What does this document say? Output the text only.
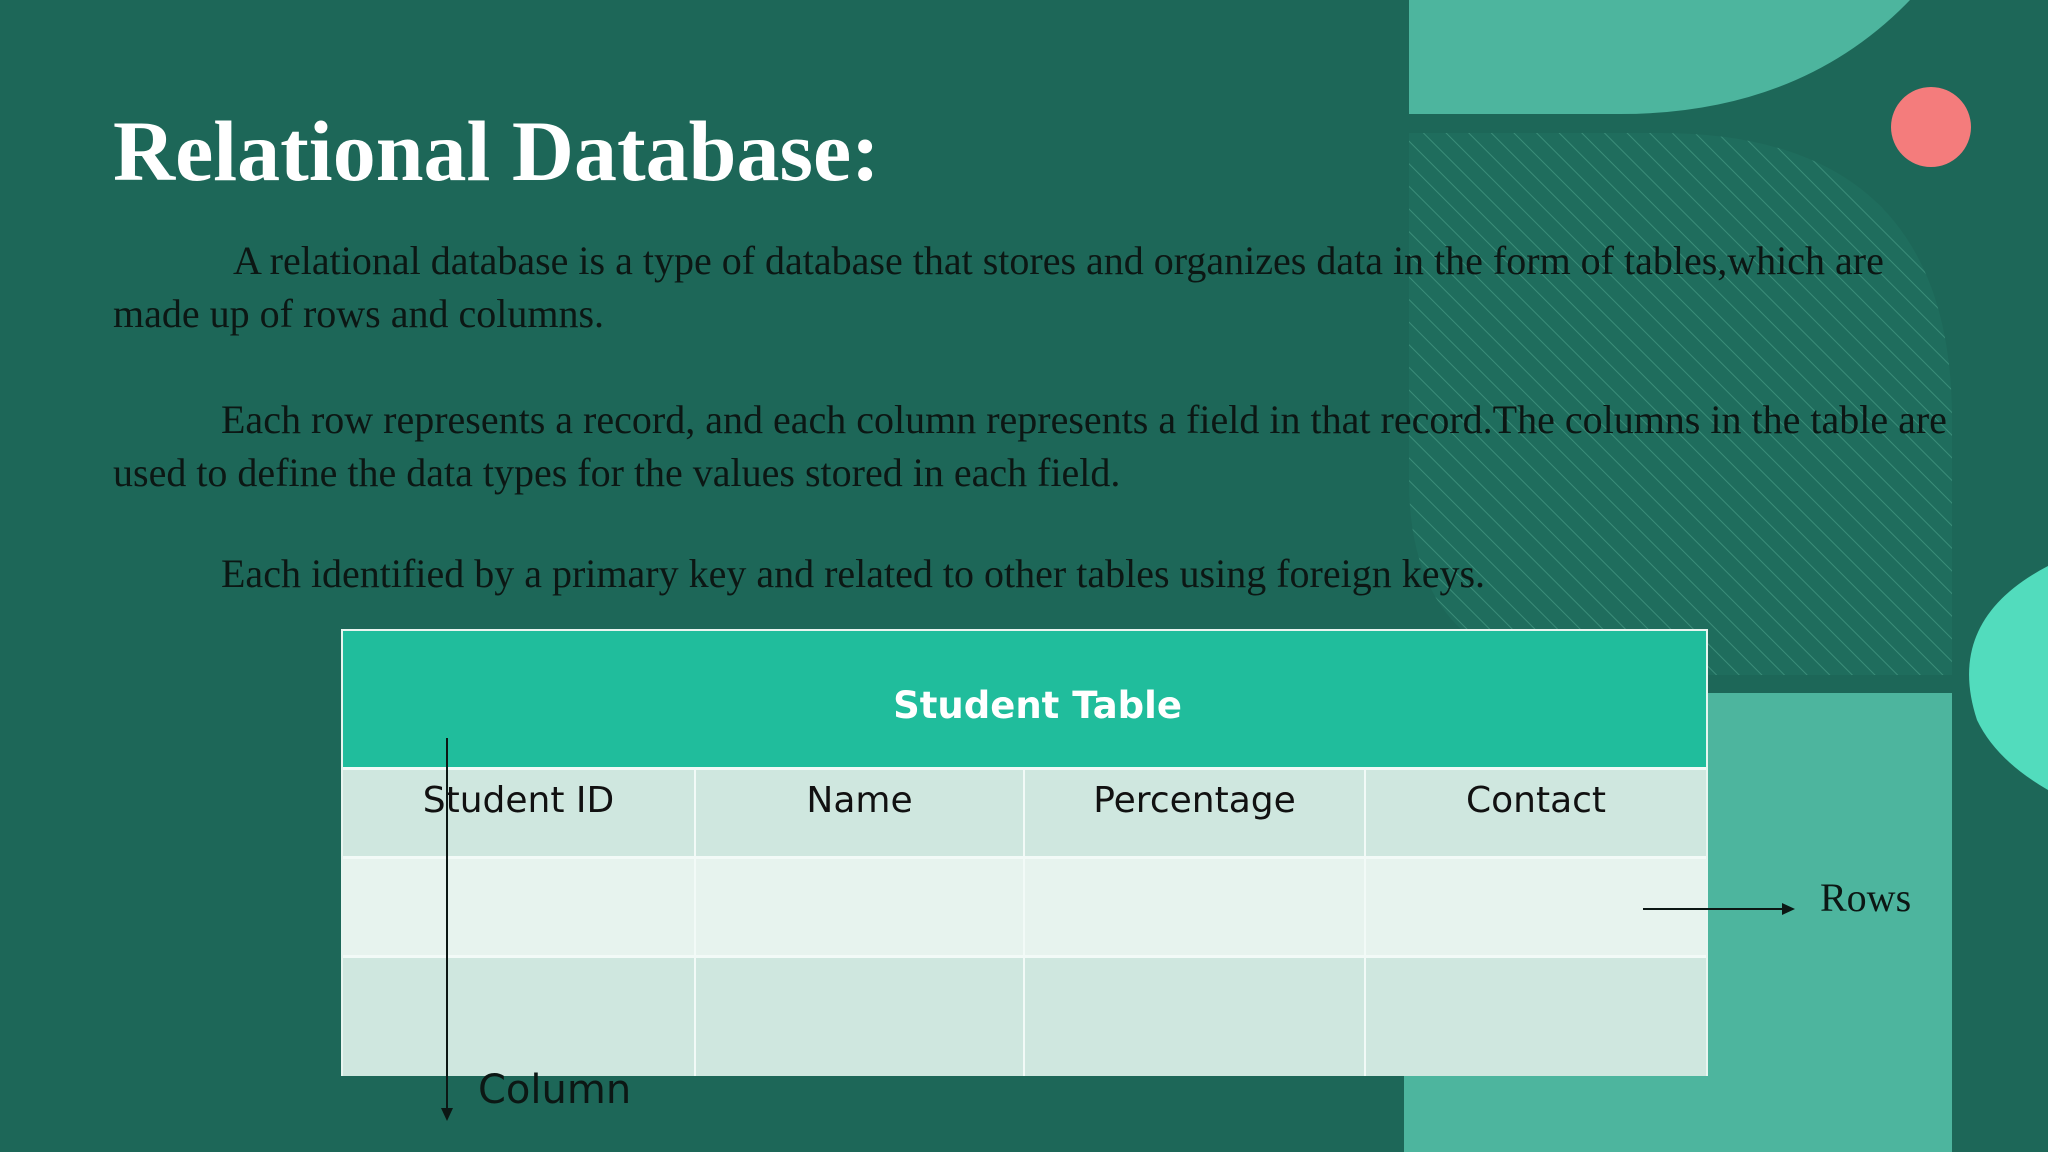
Relational Database:
A relational database is a type of database that stores and organizes data in the form of tables,which are made up of rows and columns.
Each row represents a record, and each column represents a field in that record.The columns in the table are used to define the data types for the values stored in each field.
Each identified by a primary key and related to other tables using foreign keys.
Student Table
Student ID	Name	Percentage	Contact
Rows
Column
